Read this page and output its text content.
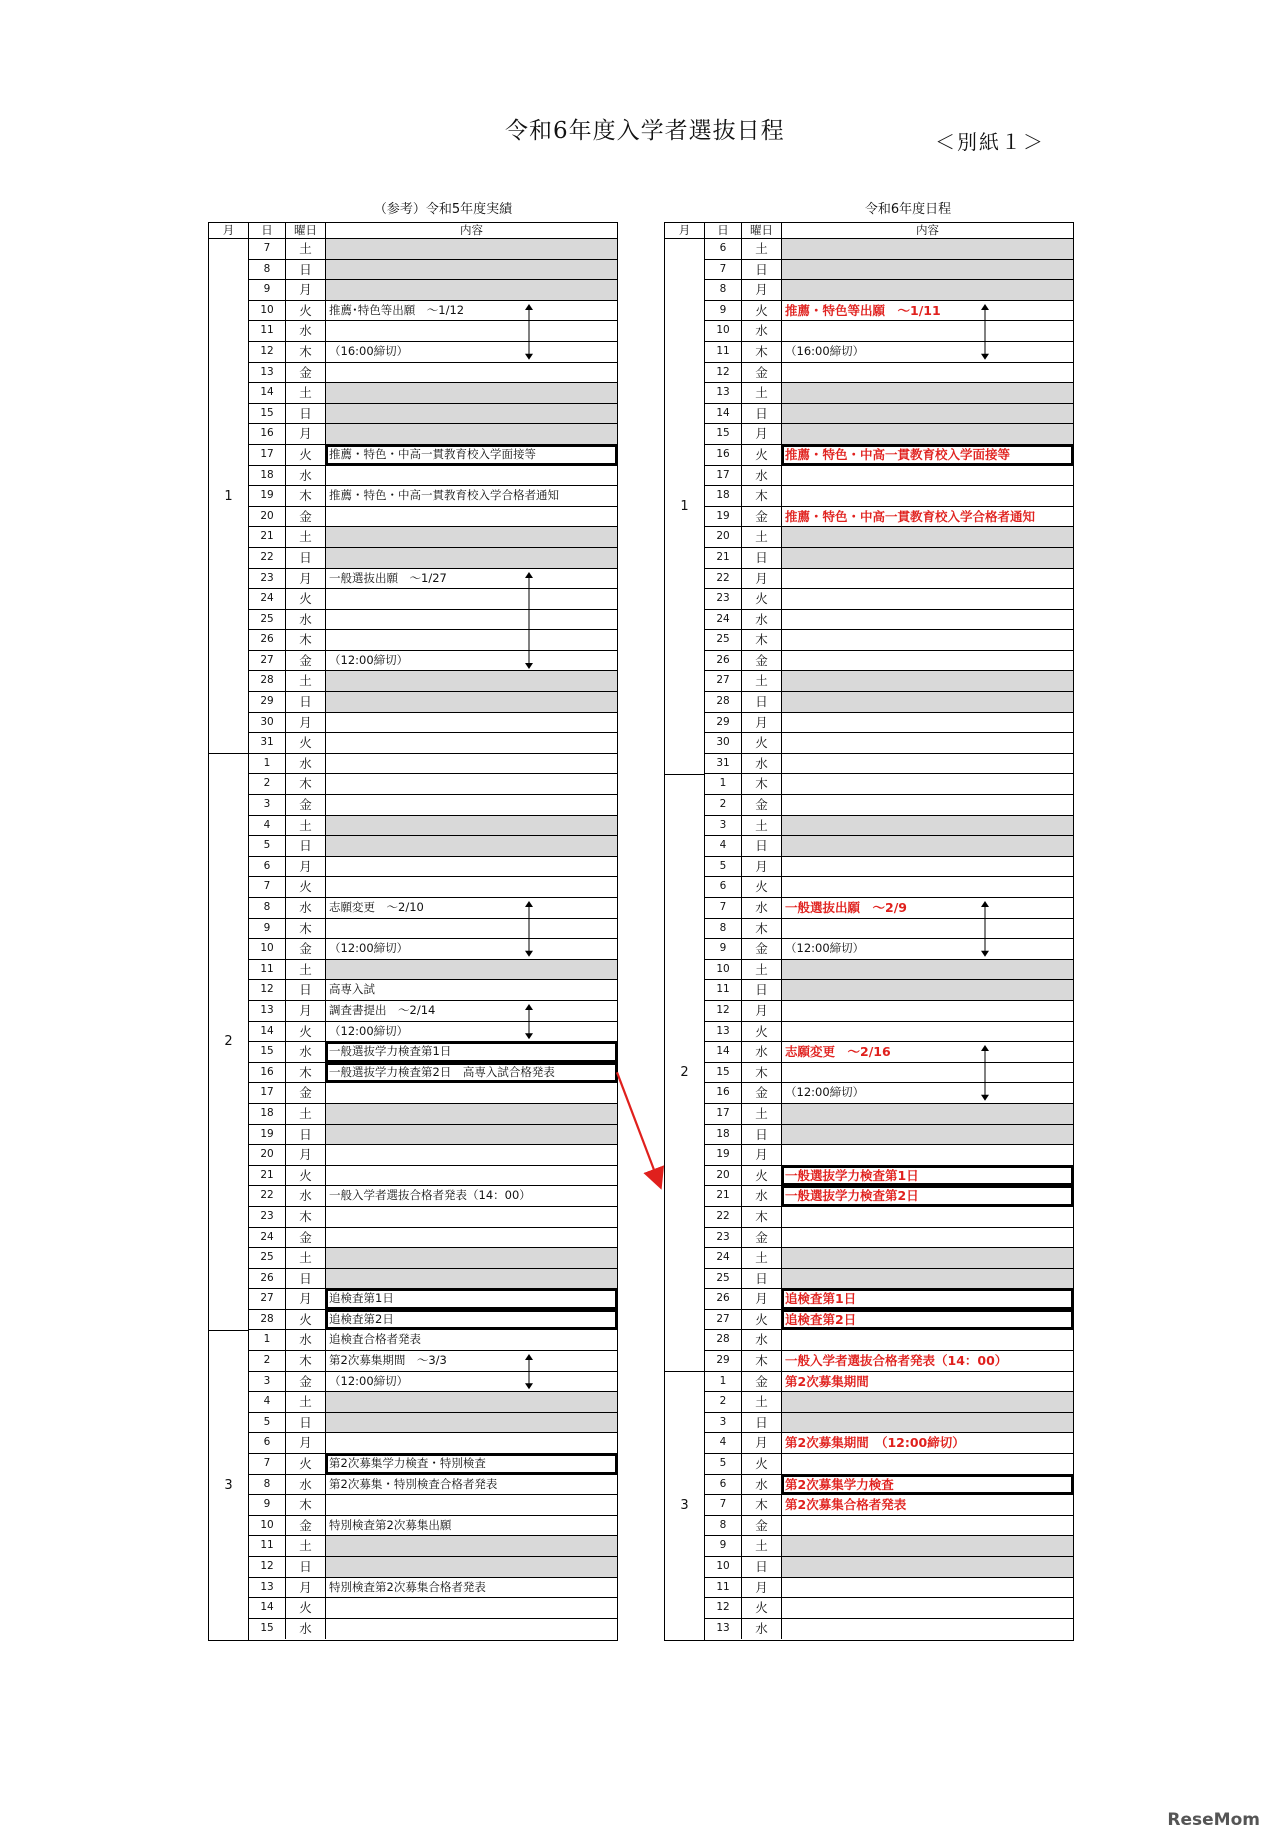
令和6年度入学者選抜日程	＜別紙１＞
（参考）令和5年度実績	令和6年度日程
月	日	曜日	内容
1
2
3
7	土
8	日
9	月
10	火	推薦･特色等出願　～1/12
11	水
12	木	（16:00締切）
13	金
14	土
15	日
16	月
17	火	推薦・特色・中高一貫教育校入学面接等
18	水
19	木	推薦・特色・中高一貫教育校入学合格者通知
20	金
21	土
22	日
23	月	一般選抜出願　～1/27
24	火
25	水
26	木
27	金	（12:00締切）
28	土
29	日
30	月
31	火
1	水
2	木
3	金
4	土
5	日
6	月
7	火
8	水	志願変更　～2/10
9	木
10	金	（12:00締切）
11	土
12	日	高専入試
13	月	調査書提出　～2/14
14	火	（12:00締切）
15	水	一般選抜学力検査第1日
16	木	一般選抜学力検査第2日　高専入試合格発表
17	金
18	土
19	日
20	月
21	火
22	水	一般入学者選抜合格者発表（14：00）
23	木
24	金
25	土
26	日
27	月	追検査第1日
28	火	追検査第2日
1	水	追検査合格者発表
2	木	第2次募集期間　～3/3
3	金	（12:00締切）
4	土
5	日
6	月
7	火	第2次募集学力検査・特別検査
8	水	第2次募集・特別検査合格者発表
9	木
10	金	特別検査第2次募集出願
11	土
12	日
13	月	特別検査第2次募集合格者発表
14	火
15	水
月	日	曜日	内容
1
2
3
6	土
7	日
8	月
9	火	推薦・特色等出願　～1/11
10	水
11	木	（16:00締切）
12	金
13	土
14	日
15	月
16	火	推薦・特色・中高一貫教育校入学面接等
17	水
18	木
19	金	推薦・特色・中高一貫教育校入学合格者通知
20	土
21	日
22	月
23	火
24	水
25	木
26	金
27	土
28	日
29	月
30	火
31	水
1	木
2	金
3	土
4	日
5	月
6	火
7	水	一般選抜出願　～2/9
8	木
9	金	（12:00締切）
10	土
11	日
12	月
13	火
14	水	志願変更　～2/16
15	木
16	金	（12:00締切）
17	土
18	日
19	月
20	火	一般選抜学力検査第1日
21	水	一般選抜学力検査第2日
22	木
23	金
24	土
25	日
26	月	追検査第1日
27	火	追検査第2日
28	水
29	木	一般入学者選抜合格者発表（14：00）
1	金	第2次募集期間
2	土
3	日
4	月	第2次募集期間　（12:00締切）
5	火
6	水	第2次募集学力検査
7	木	第2次募集合格者発表
8	金
9	土
10	日
11	月
12	火
13	水
ReseMom
